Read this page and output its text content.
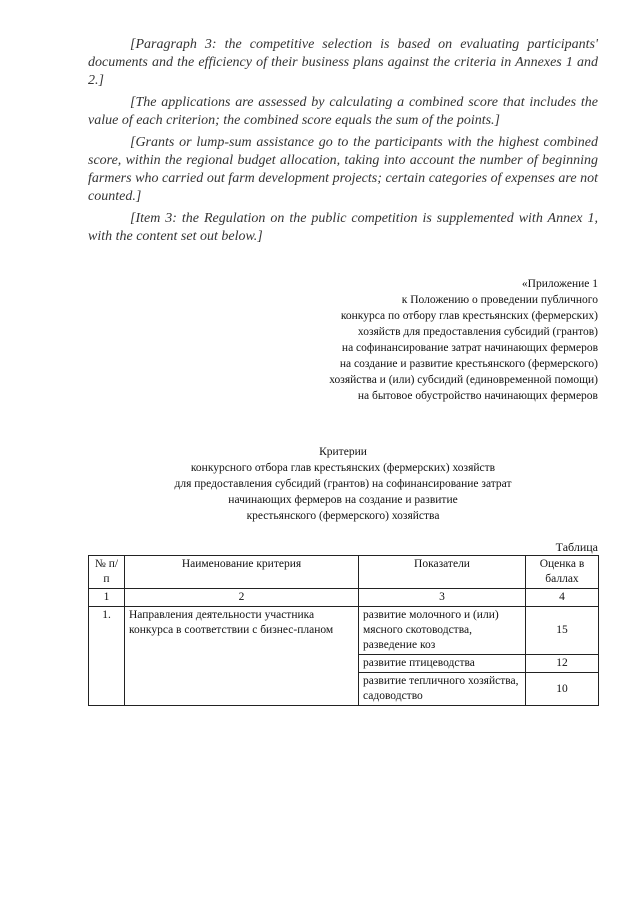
[Paragraph 3: the competitive selection is based on evaluating participants' documents and the efficiency of their business plans against the criteria in Annexes 1 and 2.]

[The applications are assessed by calculating a combined score that includes the value of each criterion; the combined score equals the sum of the points.]

[Grants or lump-sum assistance go to the participants with the highest combined score, within the regional budget allocation, taking into account the number of beginning farmers who carried out farm development projects; certain categories of expenses are not counted.]

[Item 3: the Regulation on the public competition is supplemented with Annex 1, with the content set out below.]

«Приложение 1
к Положению о проведении публичного
конкурса по отбору глав крестьянских (фермерских)
хозяйств для предоставления субсидий (грантов)
на софинансирование затрат начинающих фермеров
на создание и развитие крестьянского (фермерского)
хозяйства и (или) субсидий (единовременной помощи)
на бытовое обустройство начинающих фермеров
Критерии
конкурсного отбора глав крестьянских (фермерских) хозяйств
для предоставления субсидий (грантов) на софинансирование затрат
начинающих фермеров на создание и развитие
крестьянского (фермерского) хозяйства
Таблица
№ п/п	Наименование критерия	Показатели	Оценка в баллах
1	2	3	4
1.	Направления деятельности участника конкурса в соответствии с бизнес-планом	развитие молочного и (или) мясного скотоводства, разведение коз	15
		развитие птицеводства	12
		развитие тепличного хозяйства, садоводство	10
